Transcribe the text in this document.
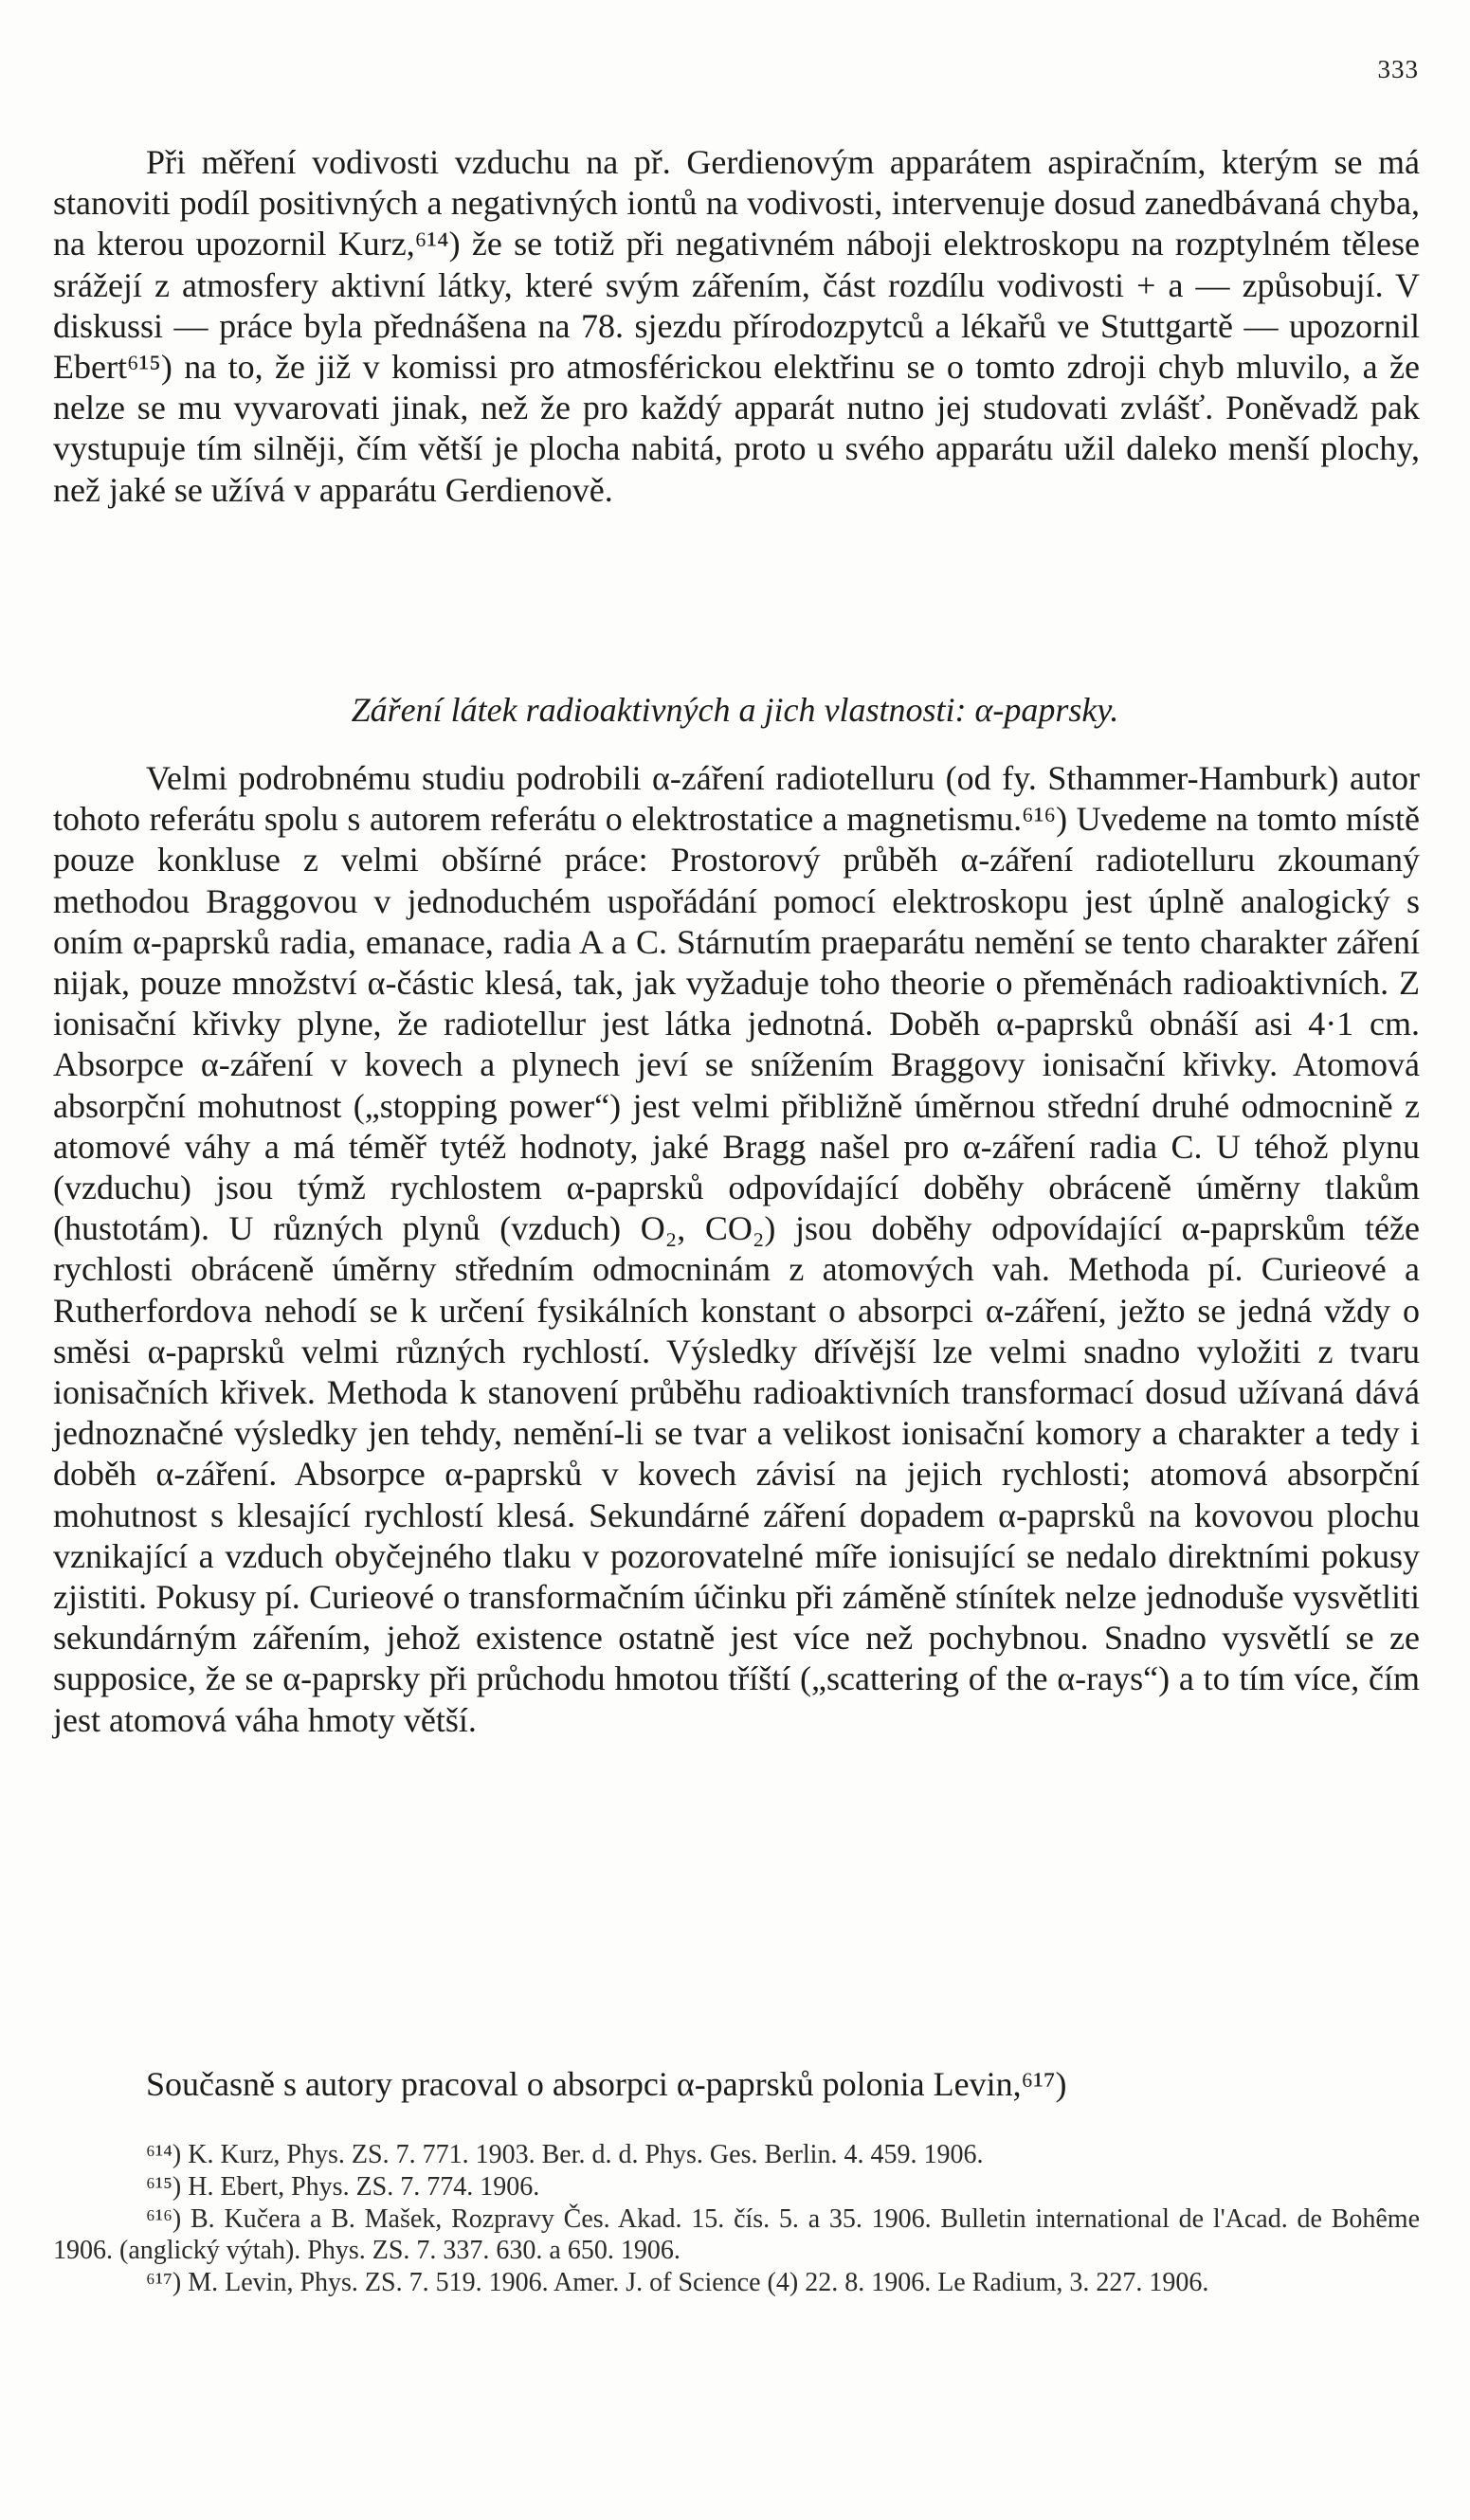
333

Při měření vodivosti vzduchu na př. Gerdienovým apparátem aspiračním, kterým se má stanoviti podíl positivných a negativných iontů na vodivosti, intervenuje dosud zanedbávaná chyba, na kterou upozornil Kurz,⁶¹⁴) že se totiž při negativném náboji elektroskopu na rozptylném tělese srážejí z atmosfery aktivní látky, které svým zářením, část rozdílu vodivosti + a — způsobují. V diskussi — práce byla přednášena na 78. sjezdu přírodozpytců a lékařů ve Stuttgartě — upozornil Ebert⁶¹⁵) na to, že již v komissi pro atmosférickou elektřinu se o tomto zdroji chyb mluvilo, a že nelze se mu vyvarovati jinak, než že pro každý apparát nutno jej studovati zvlášť. Poněvadž pak vystupuje tím silněji, čím větší je plocha nabitá, proto u svého apparátu užil daleko menší plochy, než jaké se užívá v apparátu Gerdienově.

Záření látek radioaktivných a jich vlastnosti: α-paprsky.

Velmi podrobnému studiu podrobili α-záření radiotelluru (od fy. Sthammer-Hamburk) autor tohoto referátu spolu s autorem referátu o elektrostatice a magnetismu.⁶¹⁶) Uvedeme na tomto místě pouze konkluse z velmi obšírné práce: Prostorový průběh α-záření radiotelluru zkoumaný methodou Braggovou v jednoduchém uspořádání pomocí elektroskopu jest úplně analogický s oním α-paprsků radia, emanace, radia A a C. Stárnutím praeparátu nemění se tento charakter záření nijak, pouze množství α-částic klesá, tak, jak vyžaduje toho theorie o přeměnách radioaktivních. Z ionisační křivky plyne, že radiotellur jest látka jednotná. Doběh α-paprsků obnáší asi 4·1 cm. Absorpce α-záření v kovech a plynech jeví se snížením Braggovy ionisační křivky. Atomová absorpční mohutnost („stopping power“) jest velmi přibližně úměrnou střední druhé odmocnině z atomové váhy a má téměř tytéž hodnoty, jaké Bragg našel pro α-záření radia C. U téhož plynu (vzduchu) jsou týmž rychlostem α-paprsků odpovídající doběhy obráceně úměrny tlakům (hustotám). U různých plynů (vzduch) O₂, CO₂) jsou doběhy odpovídající α-paprskům téže rychlosti obráceně úměrny středním odmocninám z atomových vah. Methoda pí. Curieové a Rutherfordova nehodí se k určení fysikálních konstant o absorpci α-záření, ježto se jedná vždy o směsi α-paprsků velmi různých rychlostí. Výsledky dřívější lze velmi snadno vyložiti z tvaru ionisačních křivek. Methoda k stanovení průběhu radioaktivních transformací dosud užívaná dává jednoznačné výsledky jen tehdy, nemění-li se tvar a velikost ionisační komory a charakter a tedy i doběh α-záření. Absorpce α-paprsků v kovech závisí na jejich rychlosti; atomová absorpční mohutnost s klesající rychlostí klesá. Sekundárné záření dopadem α-paprsků na kovovou plochu vznikající a vzduch obyčejného tlaku v pozorovatelné míře ionisující se nedalo direktními pokusy zjistiti. Pokusy pí. Curieové o transformačním účinku při záměně stínítek nelze jednoduše vysvětliti sekundárným zářením, jehož existence ostatně jest více než pochybnou. Snadno vysvětlí se ze supposice, že se α-paprsky při průchodu hmotou tříští („scattering of the α-rays“) a to tím více, čím jest atomová váha hmoty větší.

Současně s autory pracoval o absorpci α-paprsků polonia Levin,⁶¹⁷)

⁶¹⁴) K. Kurz, Phys. ZS. 7. 771. 1903. Ber. d. d. Phys. Ges. Berlin. 4. 459. 1906.

⁶¹⁵) H. Ebert, Phys. ZS. 7. 774. 1906.

⁶¹⁶) B. Kučera a B. Mašek, Rozpravy Čes. Akad. 15. čís. 5. a 35. 1906. Bulletin international de l'Acad. de Bohême 1906. (anglický výtah). Phys. ZS. 7. 337. 630. a 650. 1906.

⁶¹⁷) M. Levin, Phys. ZS. 7. 519. 1906. Amer. J. of Science (4) 22. 8. 1906. Le Radium, 3. 227. 1906.
